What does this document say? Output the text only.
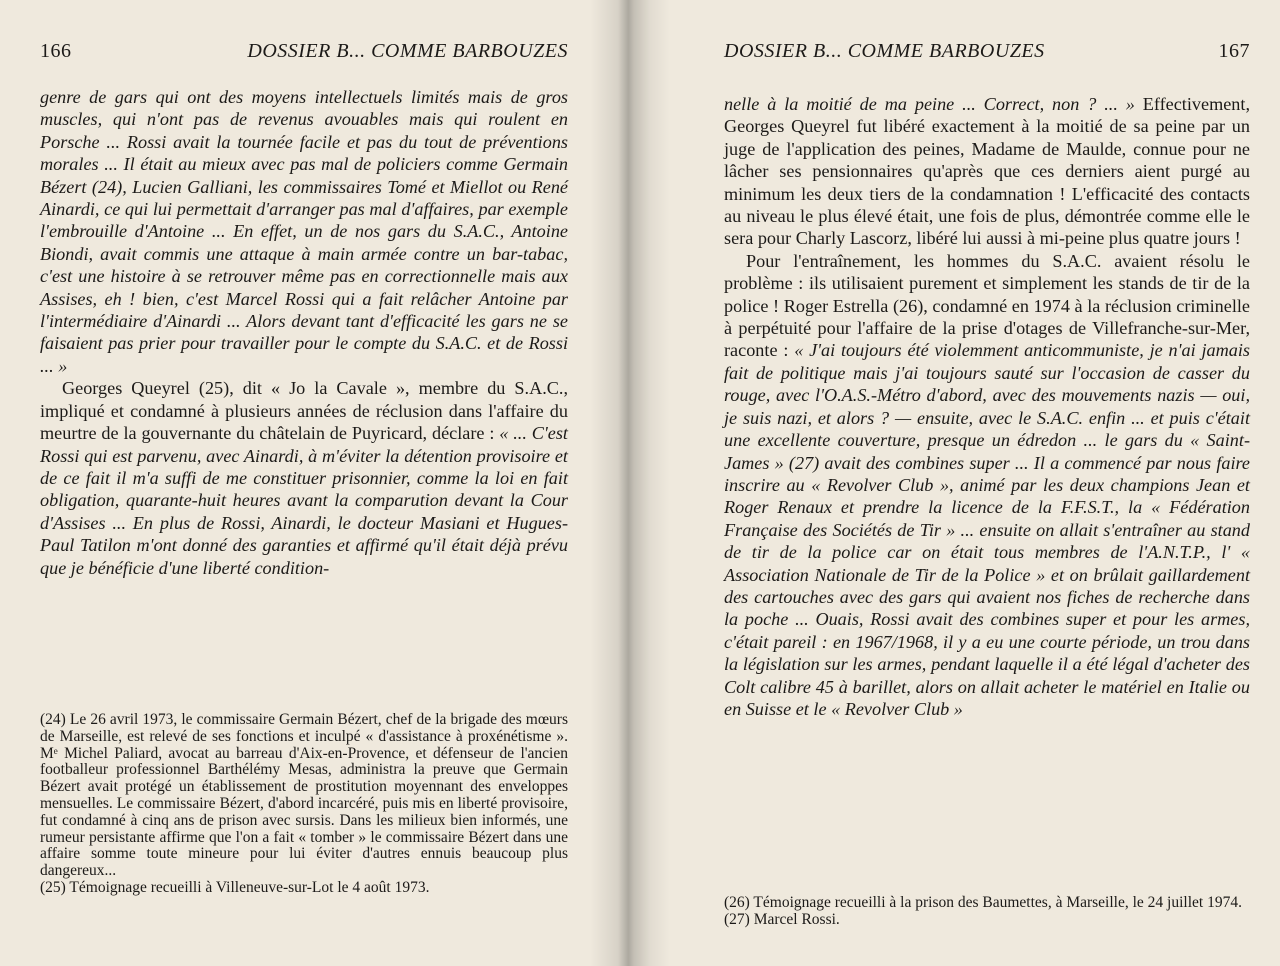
166	DOSSIER B... COMME BARBOUZES

genre de gars qui ont des moyens intellectuels limités mais de gros muscles, qui n'ont pas de revenus avouables mais qui roulent en Porsche ... Rossi avait la tournée facile et pas du tout de préventions morales ... Il était au mieux avec pas mal de policiers comme Germain Bézert (24), Lucien Galliani, les commissaires Tomé et Miellot ou René Ainardi, ce qui lui permettait d'arranger pas mal d'affaires, par exemple l'embrouille d'Antoine ... En effet, un de nos gars du S.A.C., Antoine Biondi, avait commis une attaque à main armée contre un bar-tabac, c'est une histoire à se retrouver même pas en correctionnelle mais aux Assises, eh ! bien, c'est Marcel Rossi qui a fait relâcher Antoine par l'intermédiaire d'Ainardi ... Alors devant tant d'efficacité les gars ne se faisaient pas prier pour travailler pour le compte du S.A.C. et de Rossi ... »

Georges Queyrel (25), dit « Jo la Cavale », membre du S.A.C., impliqué et condamné à plusieurs années de réclusion dans l'affaire du meurtre de la gouvernante du châtelain de Puyricard, déclare : « ... C'est Rossi qui est parvenu, avec Ainardi, à m'éviter la détention provisoire et de ce fait il m'a suffi de me constituer prisonnier, comme la loi en fait obligation, quarante-huit heures avant la comparution devant la Cour d'Assises ... En plus de Rossi, Ainardi, le docteur Masiani et Hugues-Paul Tatilon m'ont donné des garanties et affirmé qu'il était déjà prévu que je bénéficie d'une liberté condition-

(24) Le 26 avril 1973, le commissaire Germain Bézert, chef de la brigade des mœurs de Marseille, est relevé de ses fonctions et inculpé « d'assistance à proxénétisme ». Mᵉ Michel Paliard, avocat au barreau d'Aix-en-Provence, et défenseur de l'ancien footballeur professionnel Barthélémy Mesas, administra la preuve que Germain Bézert avait protégé un établissement de prostitution moyennant des enveloppes mensuelles. Le commissaire Bézert, d'abord incarcéré, puis mis en liberté provisoire, fut condamné à cinq ans de prison avec sursis. Dans les milieux bien informés, une rumeur persistante affirme que l'on a fait « tomber » le commissaire Bézert dans une affaire somme toute mineure pour lui éviter d'autres ennuis beaucoup plus dangereux...

(25) Témoignage recueilli à Villeneuve-sur-Lot le 4 août 1973.

DOSSIER B... COMME BARBOUZES	167

nelle à la moitié de ma peine ... Correct, non ? ... » Effectivement, Georges Queyrel fut libéré exactement à la moitié de sa peine par un juge de l'application des peines, Madame de Maulde, connue pour ne lâcher ses pensionnaires qu'après que ces derniers aient purgé au minimum les deux tiers de la condamnation ! L'efficacité des contacts au niveau le plus élevé était, une fois de plus, démontrée comme elle le sera pour Charly Lascorz, libéré lui aussi à mi-peine plus quatre jours !

Pour l'entraînement, les hommes du S.A.C. avaient résolu le problème : ils utilisaient purement et simplement les stands de tir de la police ! Roger Estrella (26), condamné en 1974 à la réclusion criminelle à perpétuité pour l'affaire de la prise d'otages de Villefranche-sur-Mer, raconte : « J'ai toujours été violemment anticommuniste, je n'ai jamais fait de politique mais j'ai toujours sauté sur l'occasion de casser du rouge, avec l'O.A.S.-Métro d'abord, avec des mouvements nazis — oui, je suis nazi, et alors ? — ensuite, avec le S.A.C. enfin ... et puis c'était une excellente couverture, presque un édredon ... le gars du « Saint-James » (27) avait des combines super ... Il a commencé par nous faire inscrire au « Revolver Club », animé par les deux champions Jean et Roger Renaux et prendre la licence de la F.F.S.T., la « Fédération Française des Sociétés de Tir » ... ensuite on allait s'entraîner au stand de tir de la police car on était tous membres de l'A.N.T.P., l' « Association Nationale de Tir de la Police » et on brûlait gaillardement des cartouches avec des gars qui avaient nos fiches de recherche dans la poche ... Ouais, Rossi avait des combines super et pour les armes, c'était pareil : en 1967/1968, il y a eu une courte période, un trou dans la législation sur les armes, pendant laquelle il a été légal d'acheter des Colt calibre 45 à barillet, alors on allait acheter le matériel en Italie ou en Suisse et le « Revolver Club »

(26) Témoignage recueilli à la prison des Baumettes, à Marseille, le 24 juillet 1974.

(27) Marcel Rossi.
